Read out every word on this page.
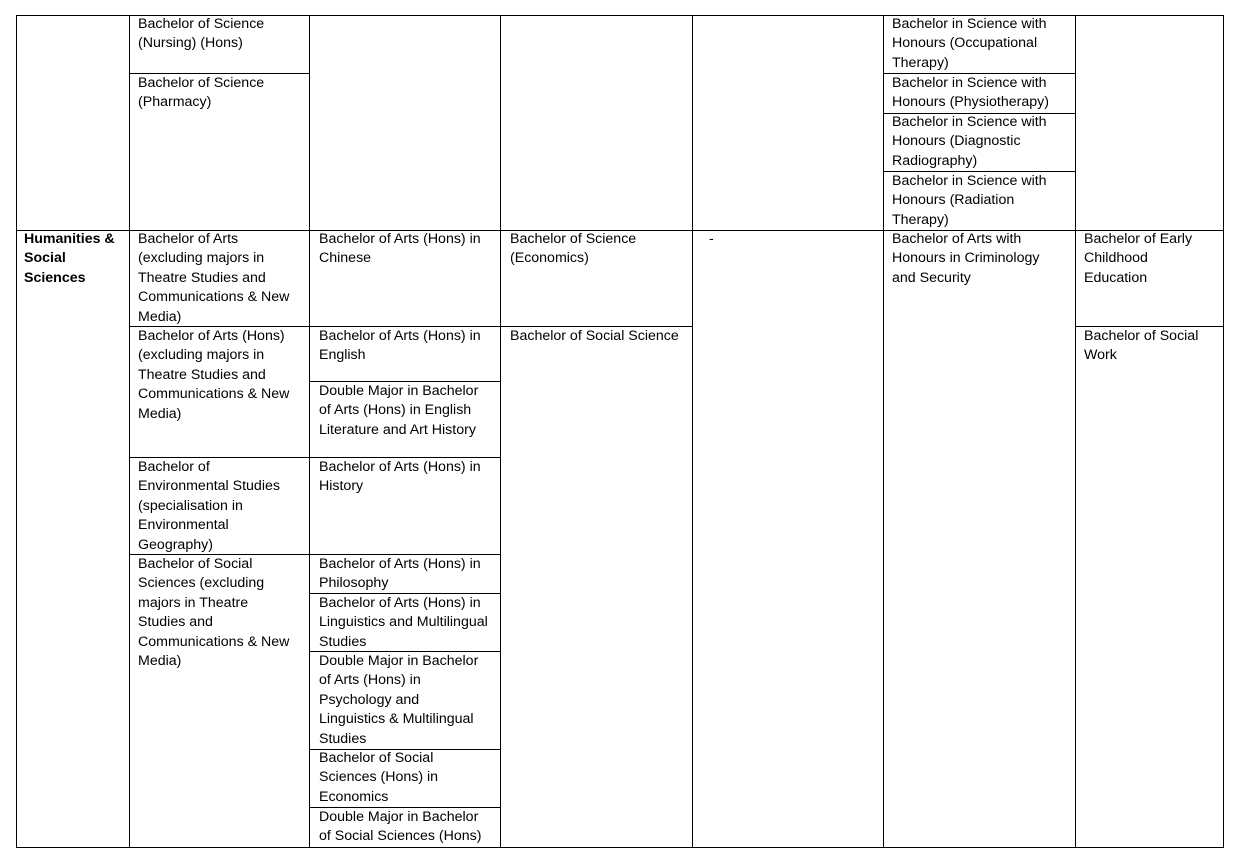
Bachelor of Science
(Nursing) (Hons)
Bachelor of Science
(Pharmacy)
Bachelor in Science with
Honours (Occupational
Therapy)
Bachelor in Science with
Honours (Physiotherapy)
Bachelor in Science with
Honours (Diagnostic
Radiography)
Bachelor in Science with
Honours (Radiation
Therapy)
Humanities &
Social
Sciences
Bachelor of Arts
(excluding majors in
Theatre Studies and
Communications & New
Media)
Bachelor of Arts (Hons)
(excluding majors in
Theatre Studies and
Communications & New
Media)
Bachelor of
Environmental Studies
(specialisation in
Environmental
Geography)
Bachelor of Social
Sciences (excluding
majors in Theatre
Studies and
Communications & New
Media)
Bachelor of Arts (Hons) in
Chinese
Bachelor of Arts (Hons) in
English
Double Major in Bachelor
of Arts (Hons) in English
Literature and Art History
Bachelor of Arts (Hons) in
History
Bachelor of Arts (Hons) in
Philosophy
Bachelor of Arts (Hons) in
Linguistics and Multilingual
Studies
Double Major in Bachelor
of Arts (Hons) in
Psychology and
Linguistics & Multilingual
Studies
Bachelor of Social
Sciences (Hons) in
Economics
Double Major in Bachelor
of Social Sciences (Hons)
Bachelor of Science
(Economics)
Bachelor of Social Science
-	Bachelor of Arts with
Honours in Criminology
and Security
Bachelor of Early
Childhood
Education
Bachelor of Social
Work
